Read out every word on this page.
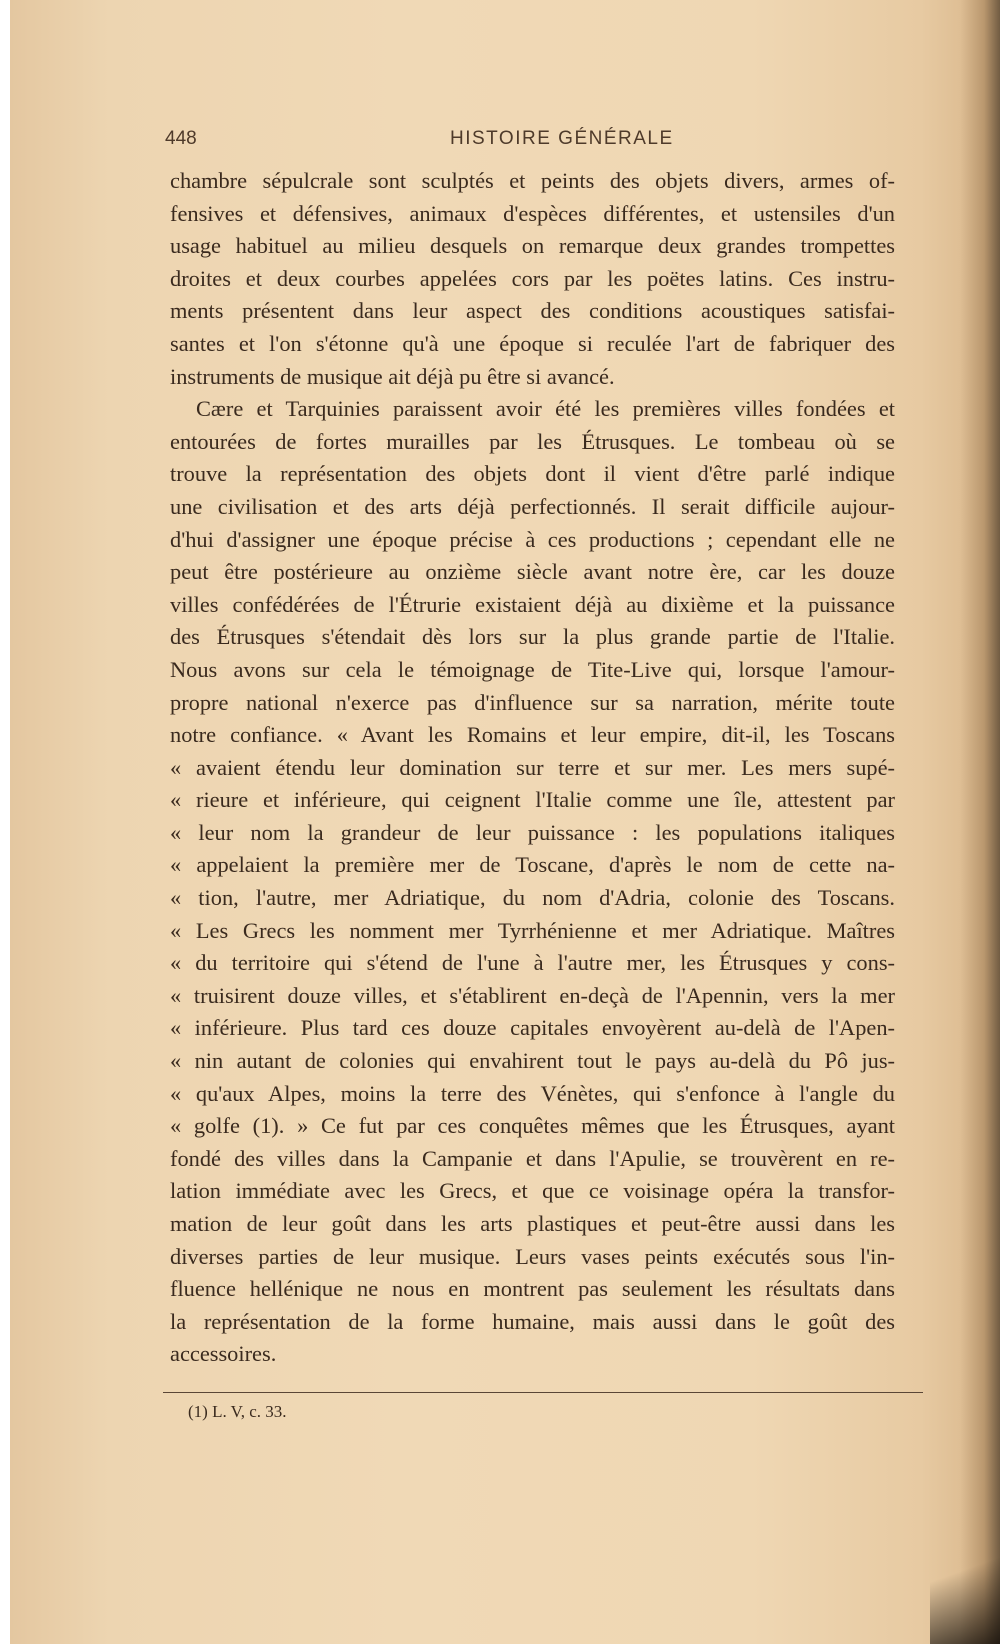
448	HISTOIRE GÉNÉRALE
chambre sépulcrale sont sculptés et peints des objets divers, armes of-
fensives et défensives, animaux d'espèces différentes, et ustensiles d'un
usage habituel au milieu desquels on remarque deux grandes trompettes
droites et deux courbes appelées cors par les poëtes latins. Ces instru-
ments présentent dans leur aspect des conditions acoustiques satisfai-
santes et l'on s'étonne qu'à une époque si reculée l'art de fabriquer des
instruments de musique ait déjà pu être si avancé.
Cære et Tarquinies paraissent avoir été les premières villes fondées et
entourées de fortes murailles par les Étrusques. Le tombeau où se
trouve la représentation des objets dont il vient d'être parlé indique
une civilisation et des arts déjà perfectionnés. Il serait difficile aujour-
d'hui d'assigner une époque précise à ces productions ; cependant elle ne
peut être postérieure au onzième siècle avant notre ère, car les douze
villes confédérées de l'Étrurie existaient déjà au dixième et la puissance
des Étrusques s'étendait dès lors sur la plus grande partie de l'Italie.
Nous avons sur cela le témoignage de Tite-Live qui, lorsque l'amour-
propre national n'exerce pas d'influence sur sa narration, mérite toute
notre confiance. « Avant les Romains et leur empire, dit-il, les Toscans
« avaient étendu leur domination sur terre et sur mer. Les mers supé-
« rieure et inférieure, qui ceignent l'Italie comme une île, attestent par
« leur nom la grandeur de leur puissance : les populations italiques
« appelaient la première mer de Toscane, d'après le nom de cette na-
« tion, l'autre, mer Adriatique, du nom d'Adria, colonie des Toscans.
« Les Grecs les nomment mer Tyrrhénienne et mer Adriatique. Maîtres
« du territoire qui s'étend de l'une à l'autre mer, les Étrusques y cons-
« truisirent douze villes, et s'établirent en-deçà de l'Apennin, vers la mer
« inférieure. Plus tard ces douze capitales envoyèrent au-delà de l'Apen-
« nin autant de colonies qui envahirent tout le pays au-delà du Pô jus-
« qu'aux Alpes, moins la terre des Vénètes, qui s'enfonce à l'angle du
« golfe (1). » Ce fut par ces conquêtes mêmes que les Étrusques, ayant
fondé des villes dans la Campanie et dans l'Apulie, se trouvèrent en re-
lation immédiate avec les Grecs, et que ce voisinage opéra la transfor-
mation de leur goût dans les arts plastiques et peut-être aussi dans les
diverses parties de leur musique. Leurs vases peints exécutés sous l'in-
fluence hellénique ne nous en montrent pas seulement les résultats dans
la représentation de la forme humaine, mais aussi dans le goût des
accessoires.
(1) L. V, c. 33.
